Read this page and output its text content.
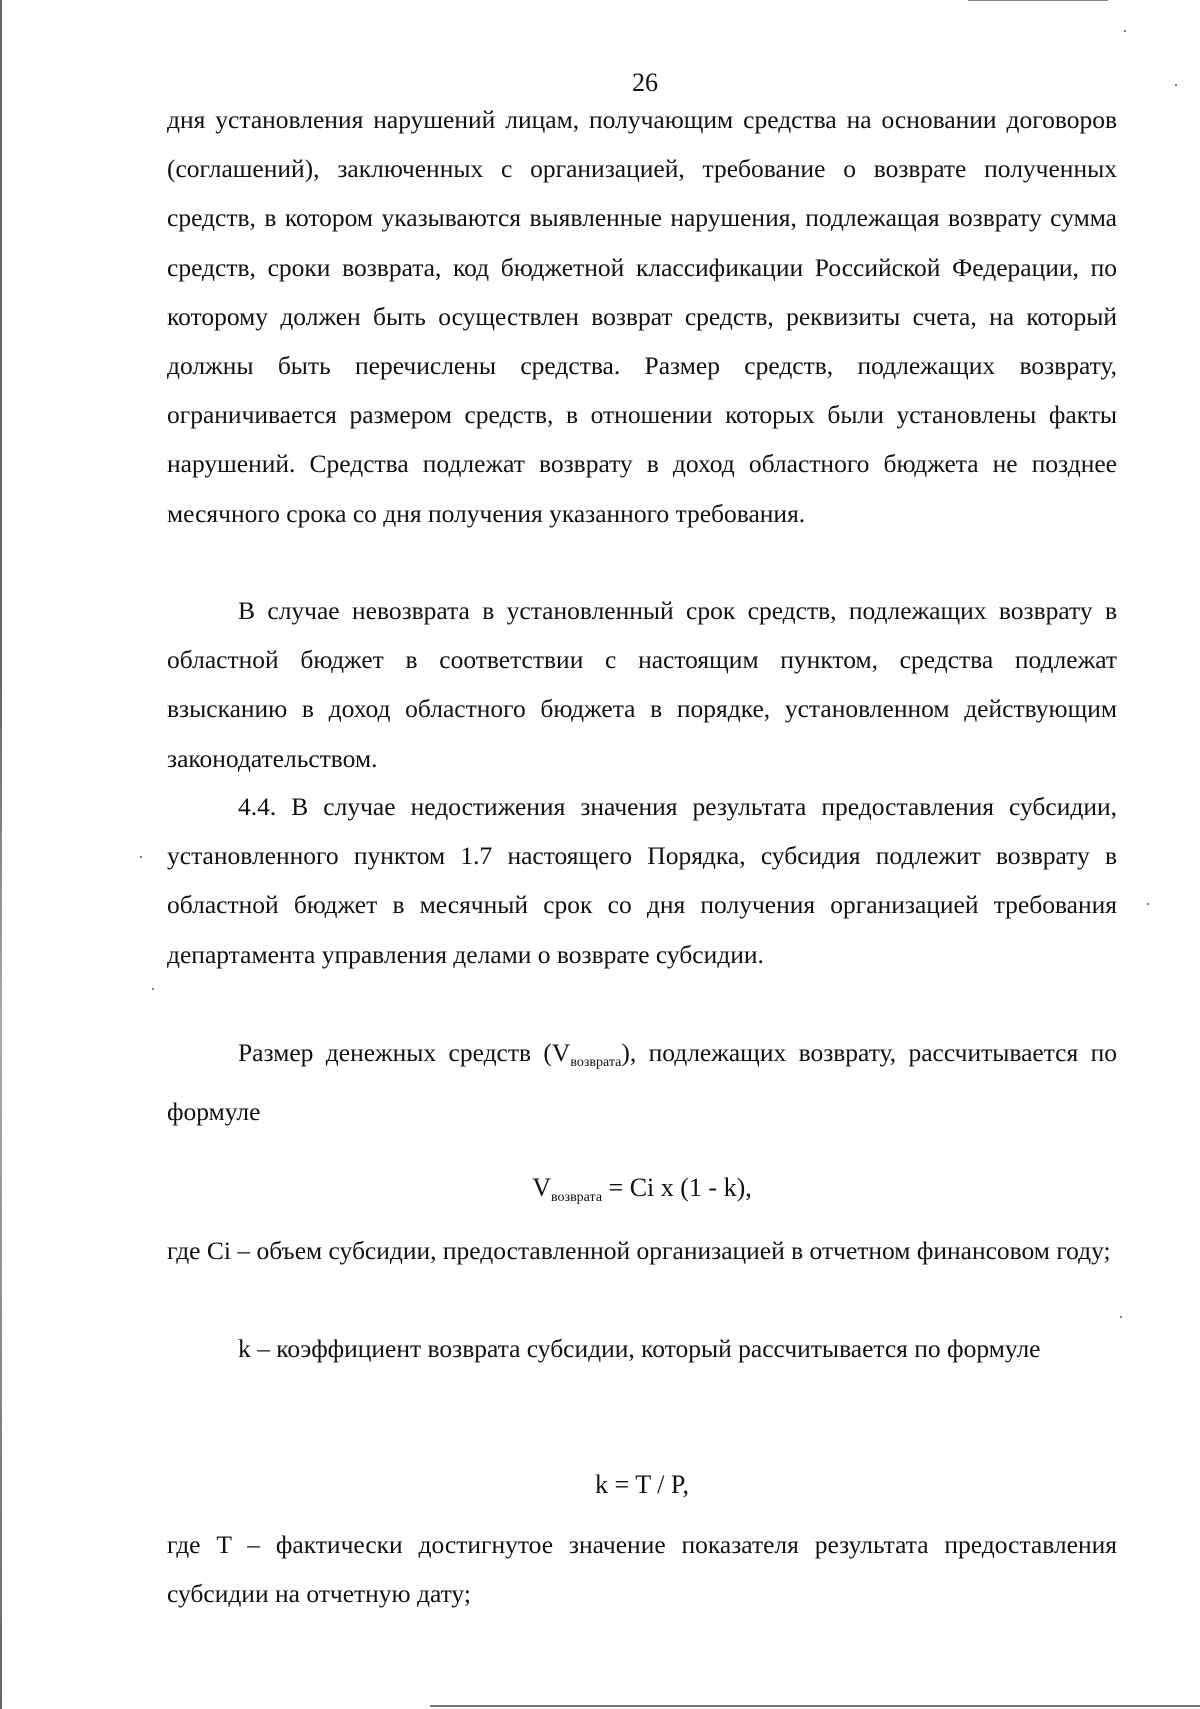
26

дня установления нарушений лицам, получающим средства на основании договоров (соглашений), заключенных с организацией, требование о возврате полученных средств, в котором указываются выявленные нарушения, подлежащая возврату сумма средств, сроки возврата, код бюджетной классификации Российской Федерации, по которому должен быть осуществлен возврат средств, реквизиты счета, на который должны быть перечислены средства. Размер средств, подлежащих возврату, ограничивается размером средств, в отношении которых были установлены факты нарушений. Средства подлежат возврату в доход областного бюджета не позднее месячного срока со дня получения указанного требования.

В случае невозврата в установленный срок средств, подлежащих возврату в областной бюджет в соответствии с настоящим пунктом, средства подлежат взысканию в доход областного бюджета в порядке, установленном действующим законодательством.

4.4. В случае недостижения значения результата предоставления субсидии, установленного пунктом 1.7 настоящего Порядка, субсидия подлежит возврату в областной бюджет в месячный срок со дня получения организацией требования департамента управления делами о возврате субсидии.

Размер денежных средств (Vвозврата), подлежащих возврату, рассчитывается по формуле

$V_{возврата} = Ci$ x (1 - k),

где Ci – объем субсидии, предоставленной организацией в отчетном финансовом году;

k – коэффициент возврата субсидии, который рассчитывается по формуле

k = T / P,

где T – фактически достигнутое значение показателя результата предоставления субсидии на отчетную дату;
